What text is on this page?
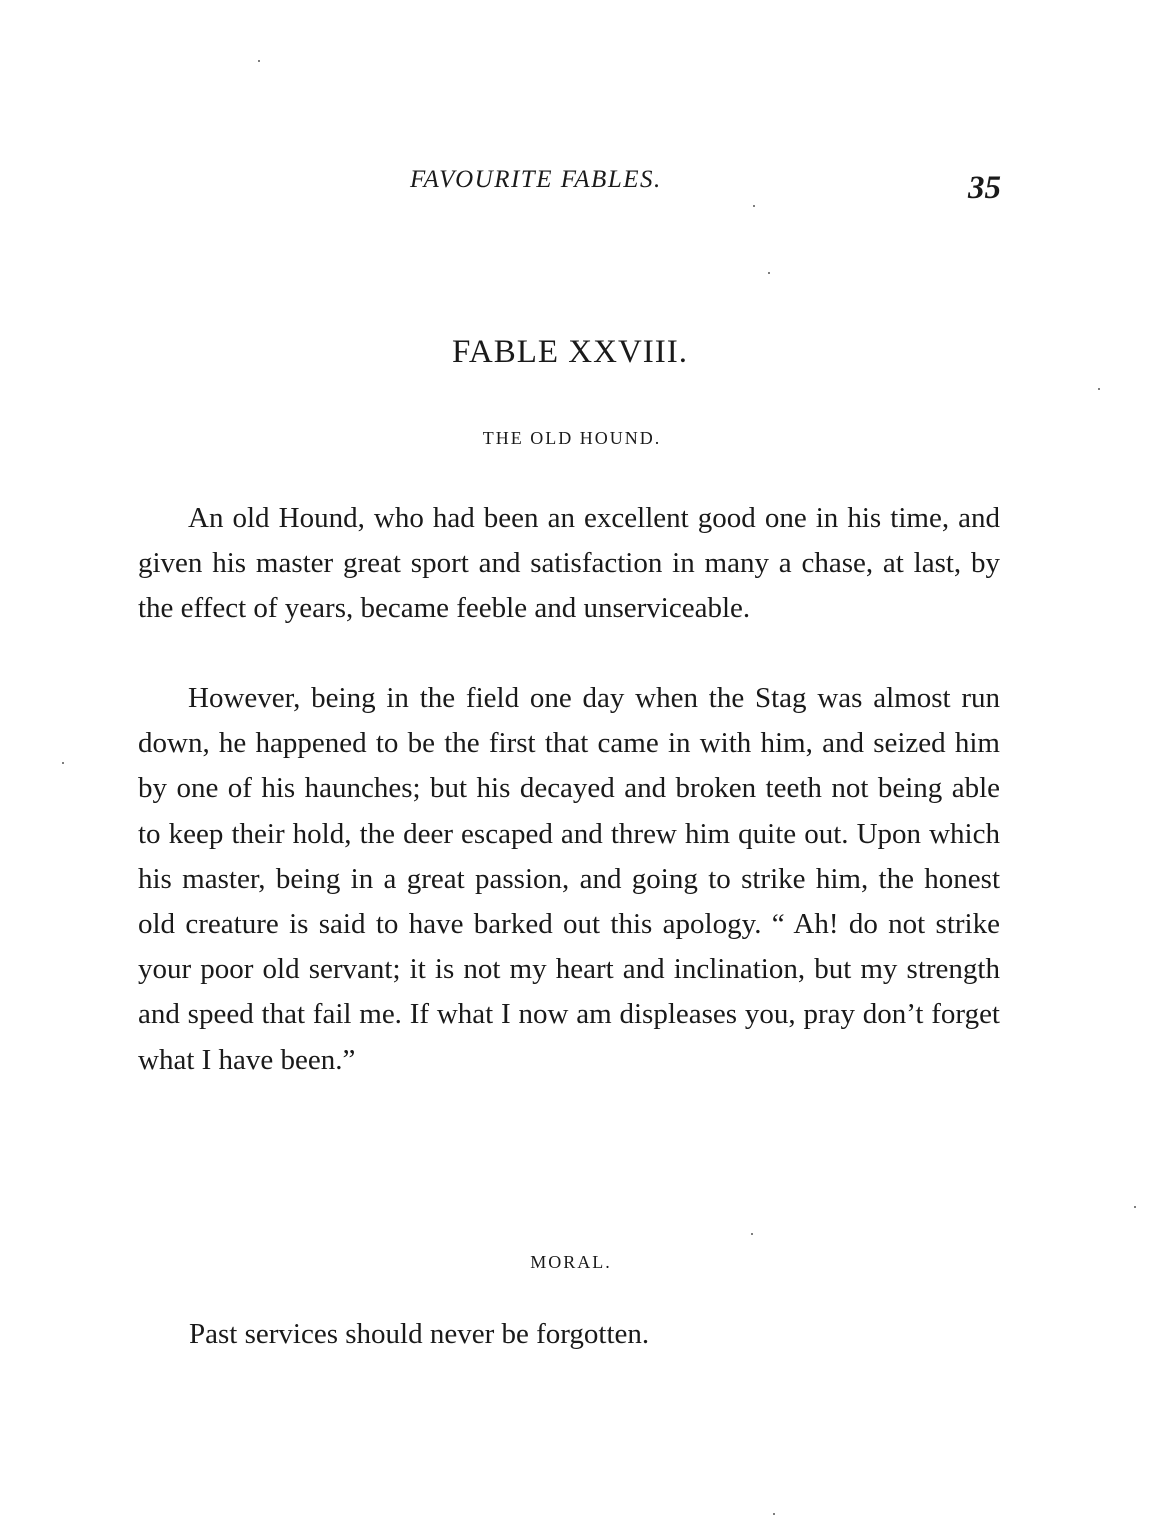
FAVOURITE FABLES.	35
FABLE XXVIII.
THE OLD HOUND.

An old Hound, who had been an excellent good one in his time, and given his master great sport and satisfaction in many a chase, at last, by the effect of years, became feeble and unserviceable.

However, being in the field one day when the Stag was almost run down, he happened to be the first that came in with him, and seized him by one of his haunches; but his decayed and broken teeth not being able to keep their hold, the deer escaped and threw him quite out. Upon which his master, being in a great passion, and going to strike him, the honest old creature is said to have barked out this apology. “ Ah! do not strike your poor old servant; it is not my heart and inclination, but my strength and speed that fail me. If what I now am displeases you, pray don’t forget what I have been.”

MORAL.
Past services should never be forgotten.
